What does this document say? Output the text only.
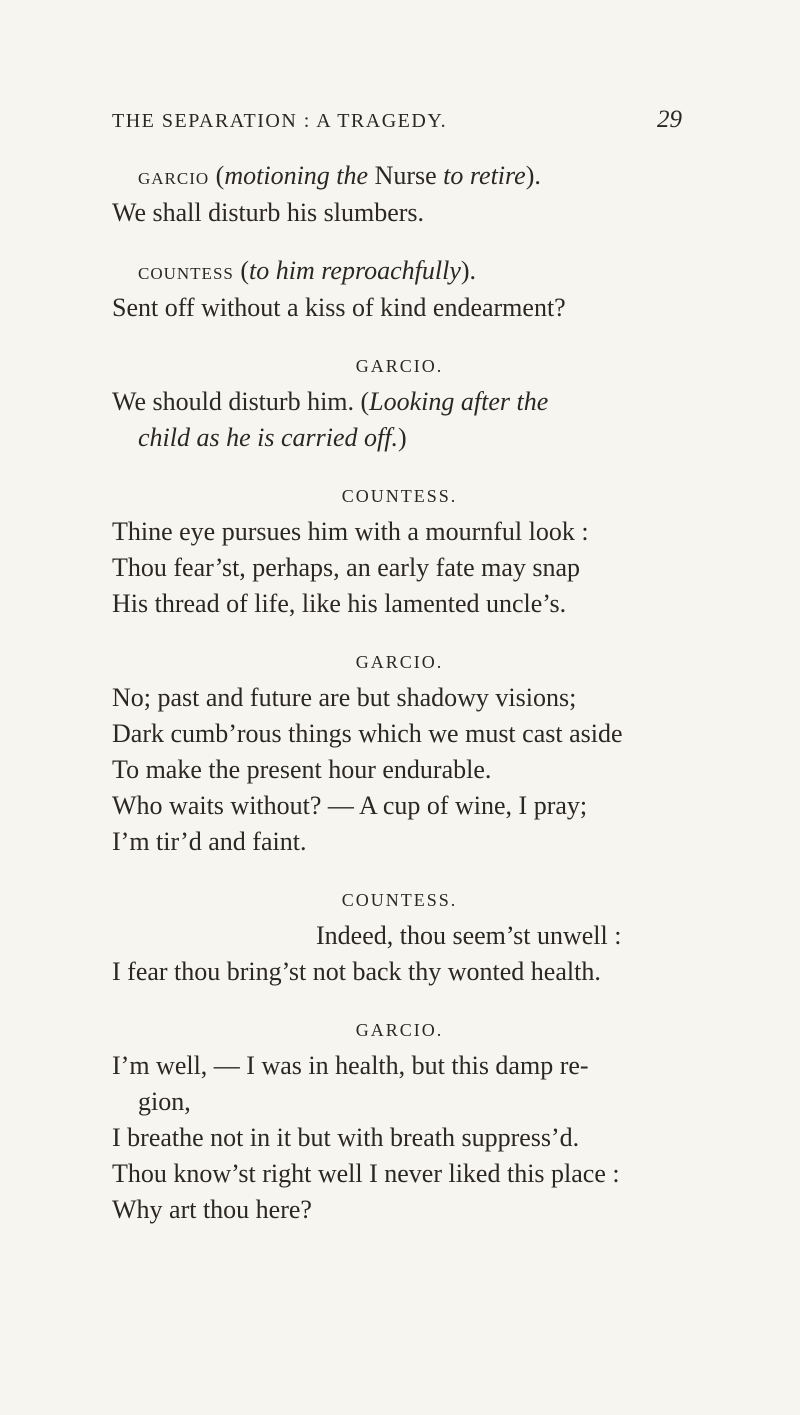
THE SEPARATION : A TRAGEDY.	29

garcio (motioning the Nurse to retire).

We shall disturb his slumbers.

countess (to him reproachfully).

Sent off without a kiss of kind endearment?

GARCIO.

We should disturb him. (Looking after the

child as he is carried off.)

COUNTESS.

Thine eye pursues him with a mournful look :

Thou fear’st, perhaps, an early fate may snap

His thread of life, like his lamented uncle’s.

GARCIO.

No; past and future are but shadowy visions;

Dark cumb’rous things which we must cast aside

To make the present hour endurable.

Who waits without? — A cup of wine, I pray;

I’m tir’d and faint.

COUNTESS.

Indeed, thou seem’st unwell :

I fear thou bring’st not back thy wonted health.

GARCIO.

I’m well, — I was in health, but this damp re-

gion,

I breathe not in it but with breath suppress’d.

Thou know’st right well I never liked this place :

Why art thou here?
